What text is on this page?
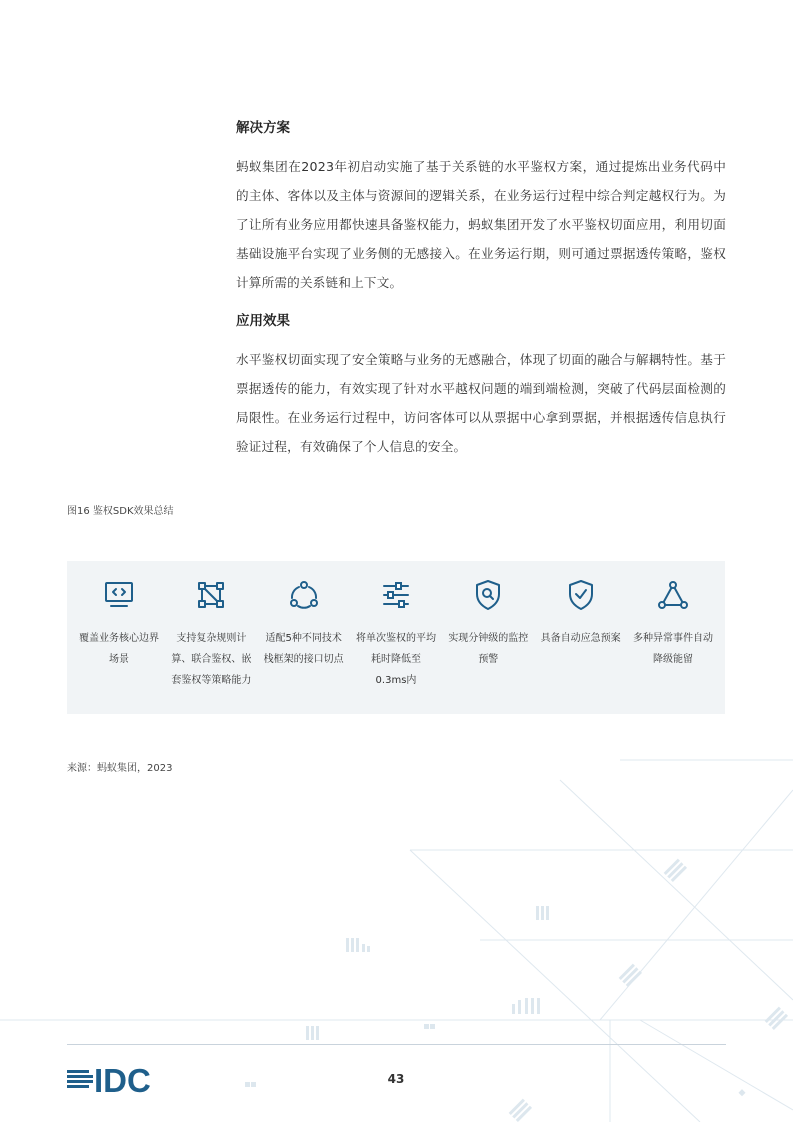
解决方案

蚂蚁集团在2023年初启动实施了基于关系链的水平鉴权方案，通过提炼出业务代码中的主体、客体以及主体与资源间的逻辑关系，在业务运行过程中综合判定越权行为。为了让所有业务应用都快速具备鉴权能力，蚂蚁集团开发了水平鉴权切面应用，利用切面基础设施平台实现了业务侧的无感接入。在业务运行期，则可通过票据透传策略，鉴权计算所需的关系链和上下文。

应用效果

水平鉴权切面实现了安全策略与业务的无感融合，体现了切面的融合与解耦特性。基于票据透传的能力，有效实现了针对水平越权问题的端到端检测，突破了代码层面检测的局限性。在业务运行过程中，访问客体可以从票据中心拿到票据，并根据透传信息执行验证过程，有效确保了个人信息的安全。

图16 鉴权SDK效果总结
覆盖业务核心边界场景
支持复杂规则计算、联合鉴权、嵌套鉴权等策略能力
适配5种不同技术栈框架的接口切点
将单次鉴权的平均耗时降低至0.3ms内
实现分钟级的监控预警
具备自动应急预案 多种异常事件自动降级能留
来源：蚂蚁集团，2023
IDC	43
